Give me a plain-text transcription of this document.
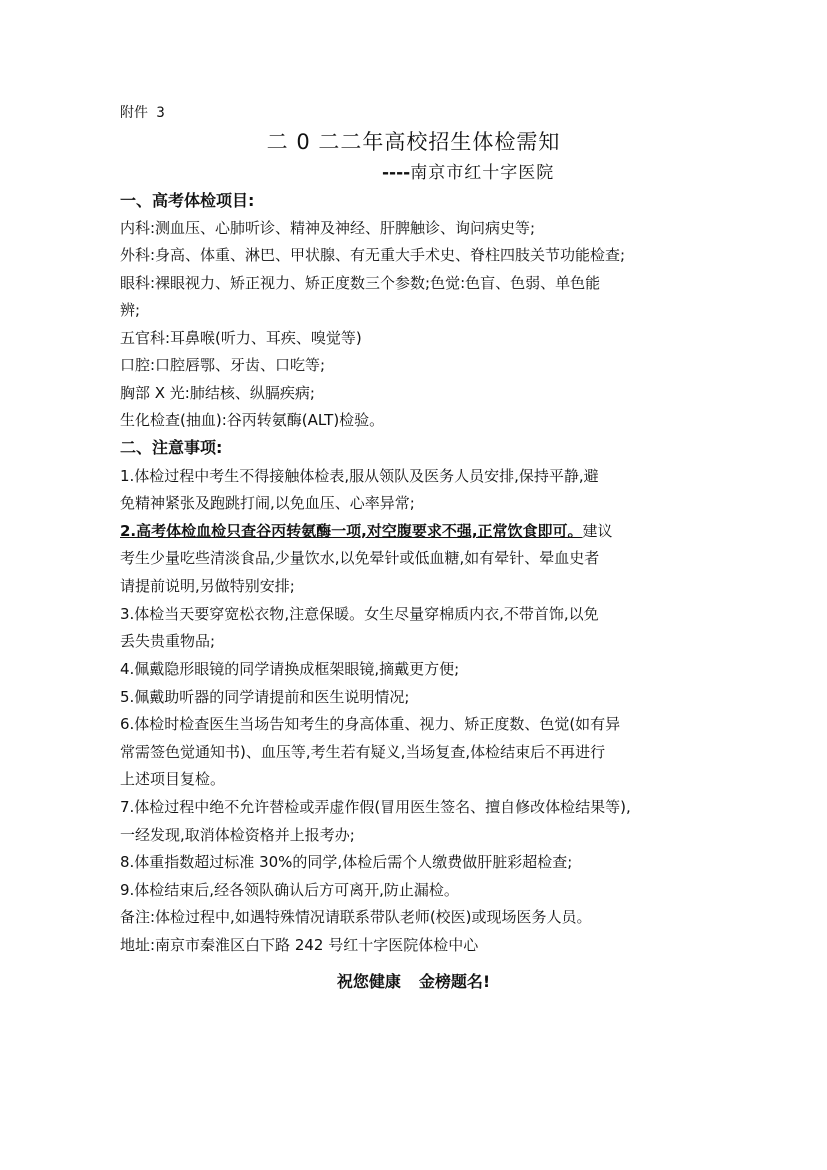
附件 3
二 0 二二年高校招生体检需知
----南京市红十字医院
一、高考体检项目:
内科:测血压、心肺听诊、精神及神经、肝脾触诊、询问病史等;
外科:身高、体重、淋巴、甲状腺、有无重大手术史、脊柱四肢关节功能检查;
眼科:裸眼视力、矫正视力、矫正度数三个参数;色觉:色盲、色弱、单色能
辨;
五官科:耳鼻喉(听力、耳疾、嗅觉等)
口腔:口腔唇鄂、牙齿、口吃等;
胸部 X 光:肺结核、纵膈疾病;
生化检查(抽血):谷丙转氨酶(ALT)检验。
二、注意事项:
1.体检过程中考生不得接触体检表,服从领队及医务人员安排,保持平静,避
免精神紧张及跑跳打闹,以免血压、心率异常;
2.高考体检血检只查谷丙转氨酶一项,对空腹要求不强,正常饮食即可。建议
考生少量吃些清淡食品,少量饮水,以免晕针或低血糖,如有晕针、晕血史者
请提前说明,另做特别安排;
3.体检当天要穿宽松衣物,注意保暖。女生尽量穿棉质内衣,不带首饰,以免
丢失贵重物品;
4.佩戴隐形眼镜的同学请换成框架眼镜,摘戴更方便;
5.佩戴助听器的同学请提前和医生说明情况;
6.体检时检查医生当场告知考生的身高体重、视力、矫正度数、色觉(如有异
常需签色觉通知书)、血压等,考生若有疑义,当场复查,体检结束后不再进行
上述项目复检。
7.体检过程中绝不允许替检或弄虚作假(冒用医生签名、擅自修改体检结果等),
一经发现,取消体检资格并上报考办;
8.体重指数超过标准 30%的同学,体检后需个人缴费做肝脏彩超检查;
9.体检结束后,经各领队确认后方可离开,防止漏检。
备注:体检过程中,如遇特殊情况请联系带队老师(校医)或现场医务人员。
地址:南京市秦淮区白下路 242 号红十字医院体检中心
祝您健康 金榜题名!
